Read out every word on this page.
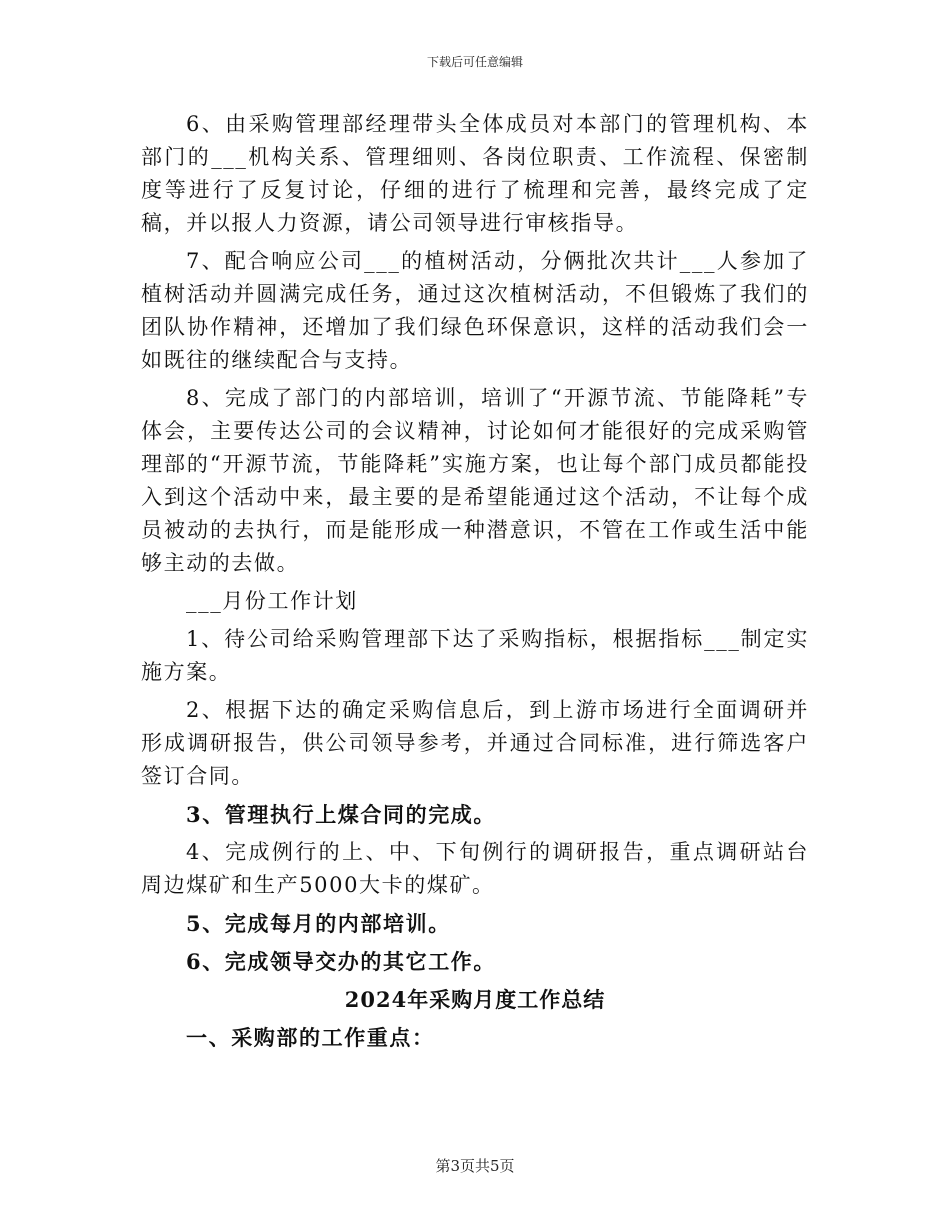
下载后可任意编辑

6、由采购管理部经理带头全体成员对本部门的管理机构、本部门的___机构关系、管理细则、各岗位职责、工作流程、保密制度等进行了反复讨论，仔细的进行了梳理和完善，最终完成了定稿，并以报人力资源，请公司领导进行审核指导。

7、配合响应公司___的植树活动，分俩批次共计___人参加了植树活动并圆满完成任务，通过这次植树活动，不但锻炼了我们的团队协作精神，还增加了我们绿色环保意识，这样的活动我们会一如既往的继续配合与支持。

8、完成了部门的内部培训，培训了“开源节流、节能降耗”专体会，主要传达公司的会议精神，讨论如何才能很好的完成采购管理部的“开源节流，节能降耗”实施方案，也让每个部门成员都能投入到这个活动中来，最主要的是希望能通过这个活动，不让每个成员被动的去执行，而是能形成一种潜意识，不管在工作或生活中能够主动的去做。

___月份工作计划

1、待公司给采购管理部下达了采购指标，根据指标___制定实施方案。

2、根据下达的确定采购信息后，到上游市场进行全面调研并形成调研报告，供公司领导参考，并通过合同标准，进行筛选客户签订合同。

3、管理执行上煤合同的完成。

4、完成例行的上、中、下旬例行的调研报告，重点调研站台周边煤矿和生产5000大卡的煤矿。

5、完成每月的内部培训。

6、完成领导交办的其它工作。

2024年采购月度工作总结
一、采购部的工作重点：
第3页共5页
